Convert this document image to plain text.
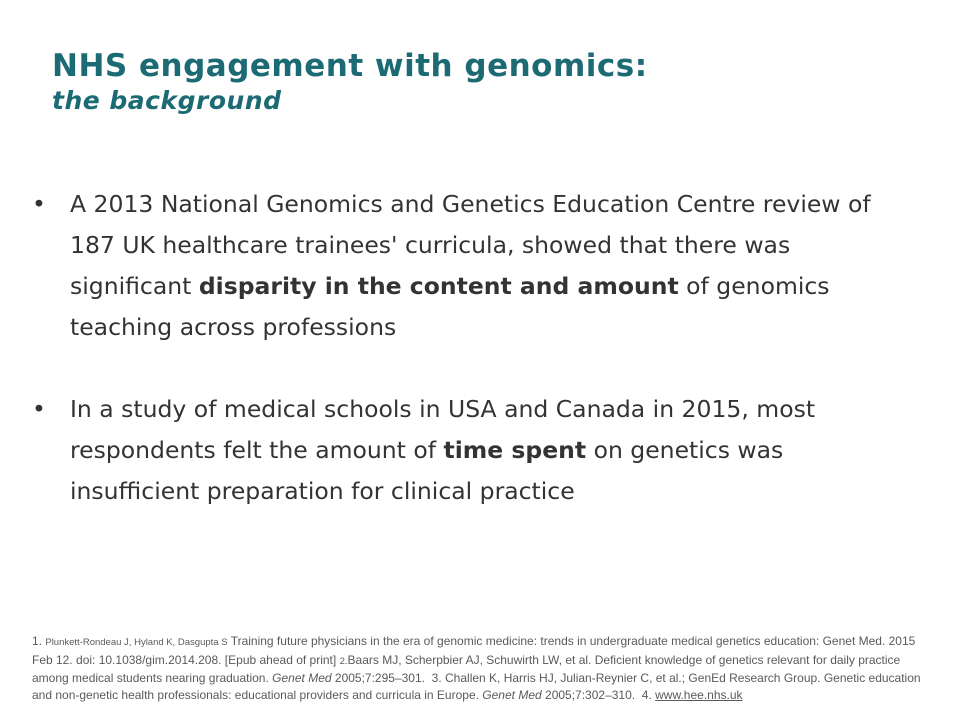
NHS engagement with genomics:
the background
• A 2013 National Genomics and Genetics Education Centre review of 187 UK healthcare trainees' curricula, showed that there was significant disparity in the content and amount of genomics teaching across professions
• In a study of medical schools in USA and Canada in 2015, most respondents felt the amount of time spent on genetics was insufficient preparation for clinical practice
1. Plunkett-Rondeau J, Hyland K, Dasgupta S Training future physicians in the era of genomic medicine: trends in undergraduate medical genetics education: Genet Med. 2015 Feb 12. doi: 10.1038/gim.2014.208. [Epub ahead of print] 2.Baars MJ, Scherpbier AJ, Schuwirth LW, et al. Deficient knowledge of genetics relevant for daily practice among medical students nearing graduation. Genet Med 2005;7:295–301. 3. Challen K, Harris HJ, Julian-Reynier C, et al.; GenEd Research Group. Genetic education and non-genetic health professionals: educational providers and curricula in Europe. Genet Med 2005;7:302–310. 4. www.hee.nhs.uk
